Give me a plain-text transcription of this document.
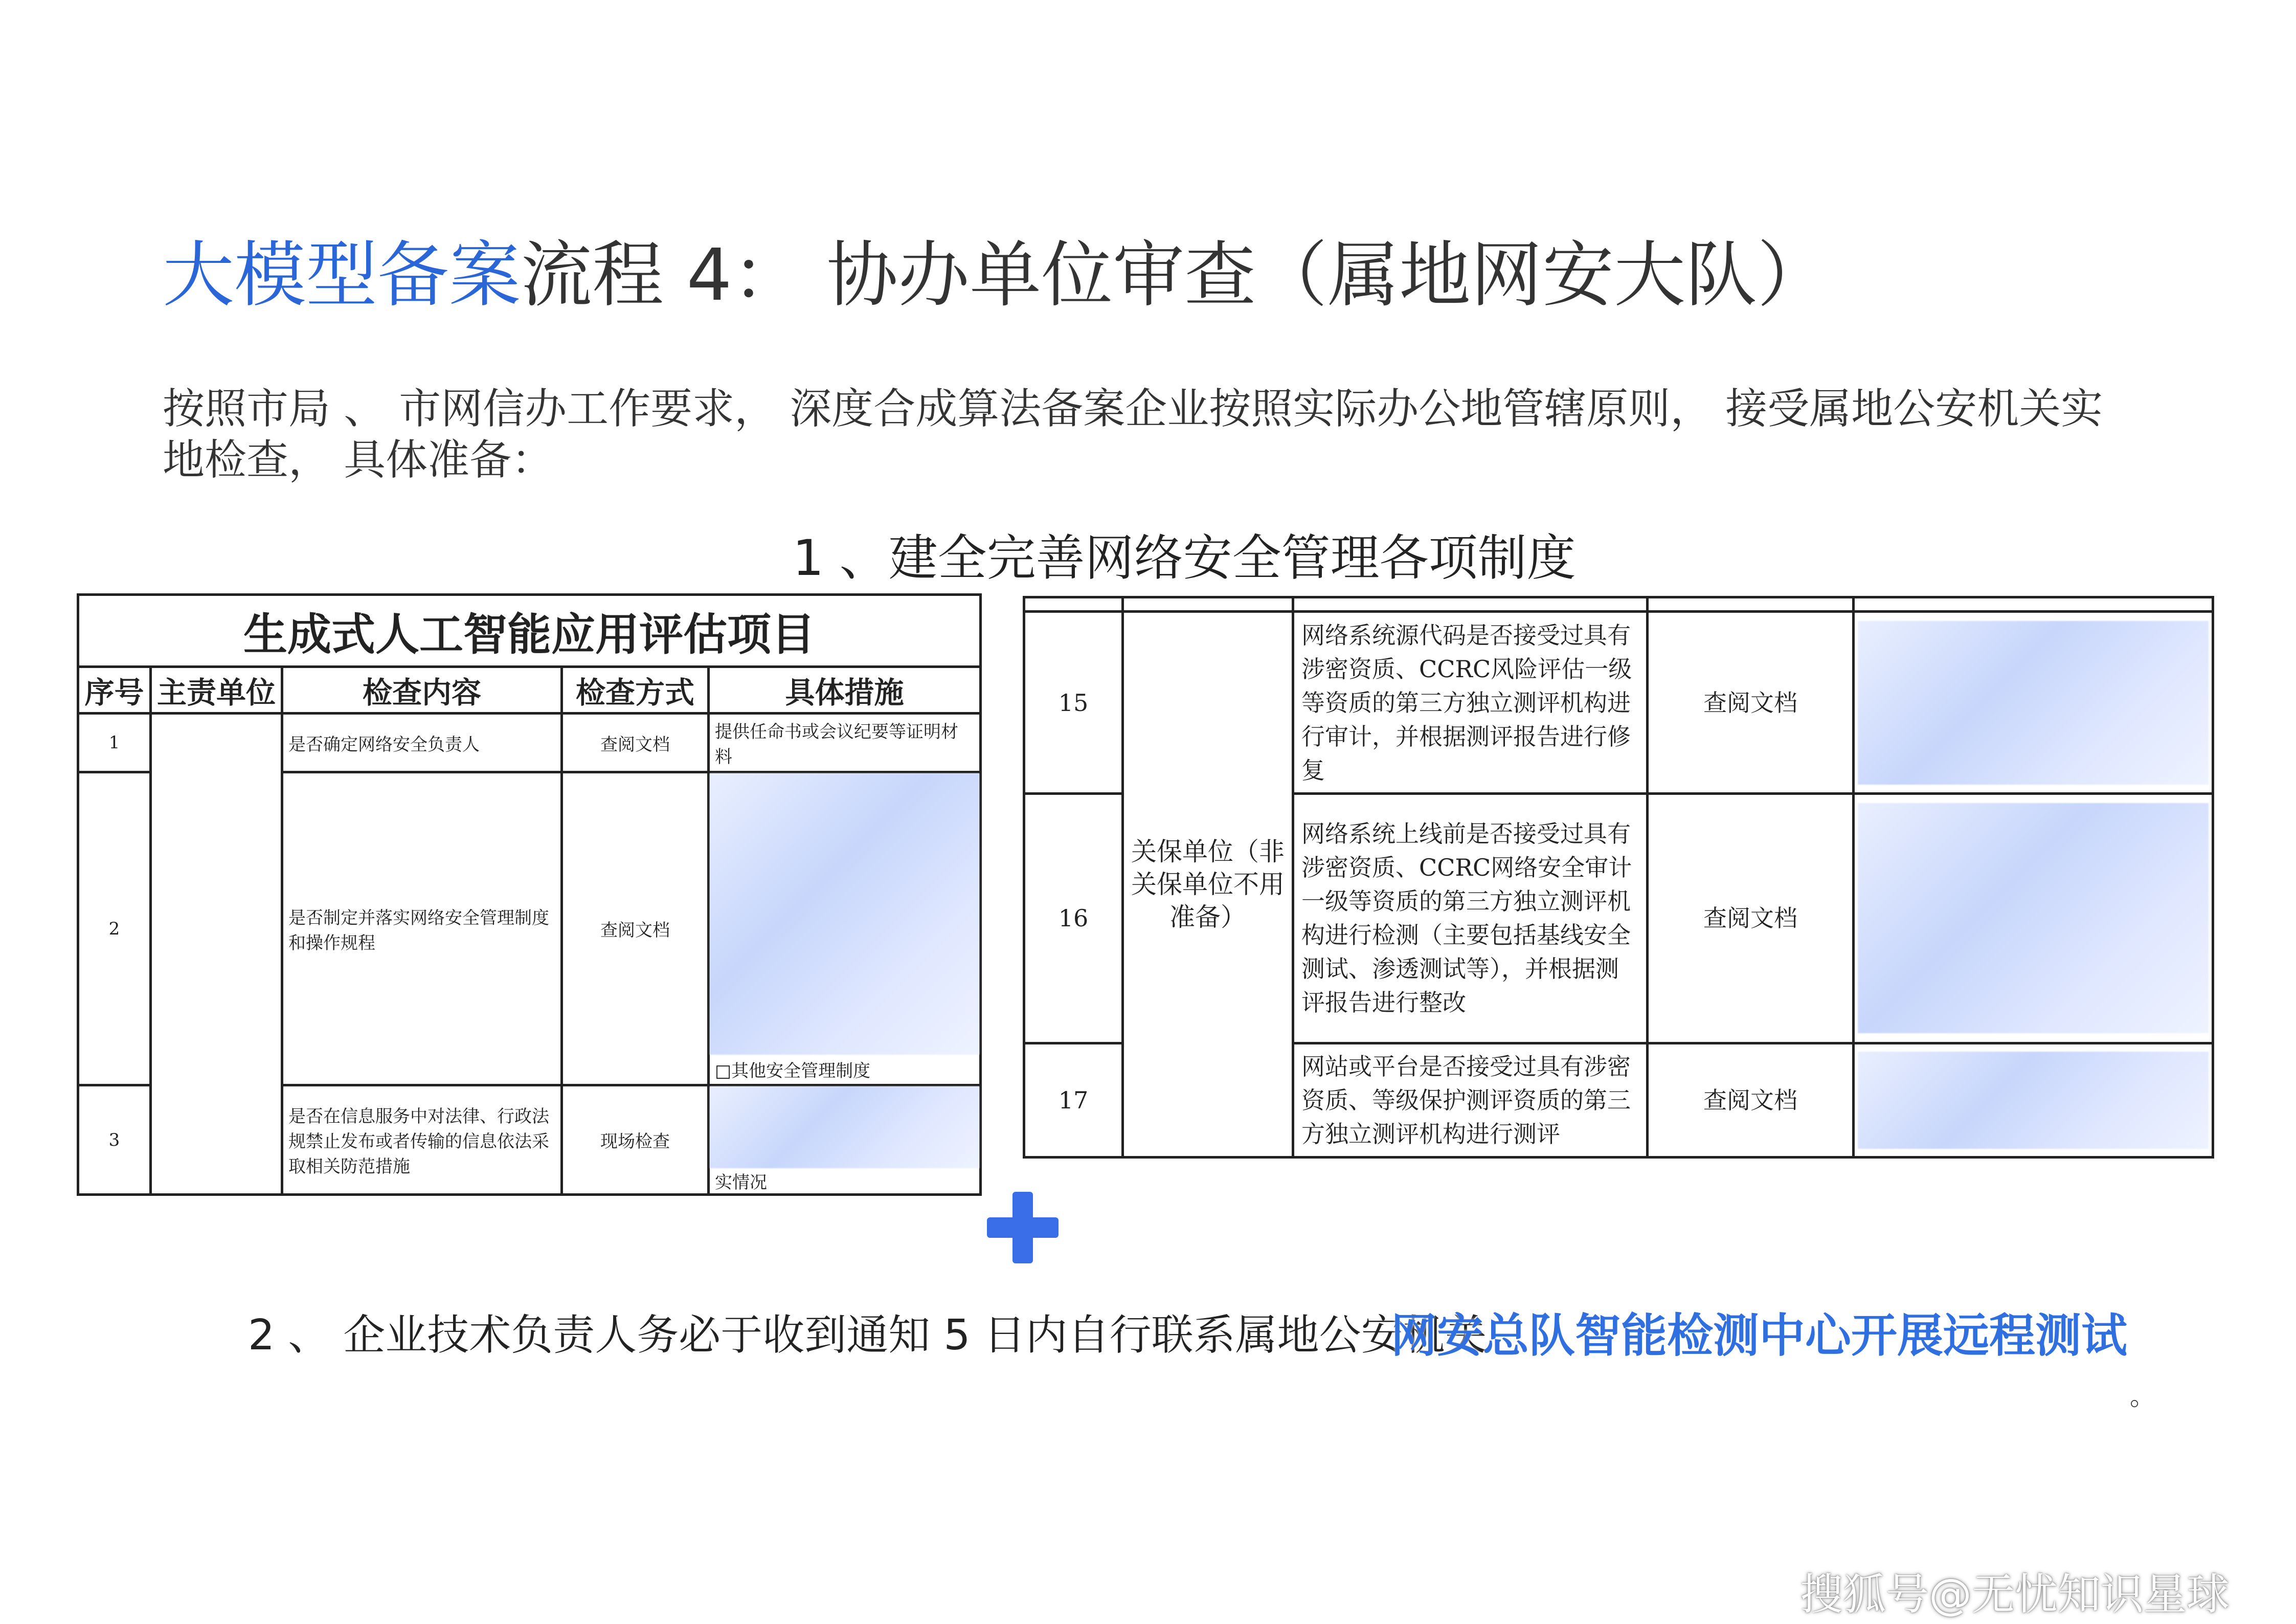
大模型备案流程 4： 协办单位审查（属地网安大队）
按照市局 、 市网信办工作要求， 深度合成算法备案企业按照实际办公地管辖原则， 接受属地公安机关实 地检查， 具体准备：
1 、建全完善网络安全管理各项制度
生成式人工智能应用评估项目				
序号	主责单位	检查内容	检查方式	具体措施
1		是否确定网络安全负责人	查阅文档	提供任命书或会议纪要等证明材料
2		是否制定并落实网络安全管理制度和操作规程	查阅文档	□其他安全管理制度

3		是否在信息服务中对法律、行政法规禁止发布或者传输的信息依法采取相关防范措施	现场检查	实情况

15	关保单位（非关保单位不用准备）	网络系统源代码是否接受过具有涉密资质、CCRC风险评估一级等资质的第三方独立测评机构进行审计，并根据测评报告进行修复	查阅文档	

16		网络系统上线前是否接受过具有涉密资质、CCRC网络安全审计一级等资质的第三方独立测评机构进行检测（主要包括基线安全测试、渗透测试等），并根据测评报告进行整改	查阅文档	

17		网站或平台是否接受过具有涉密资质、等级保护测评资质的第三方独立测评机构进行测评	查阅文档	
2 、 企业技术负责人务必于收到通知 5 日内自行联系属地公安机关
网安总队智能检测中心开展远程测试
。
搜狐号@无忧知识星球
